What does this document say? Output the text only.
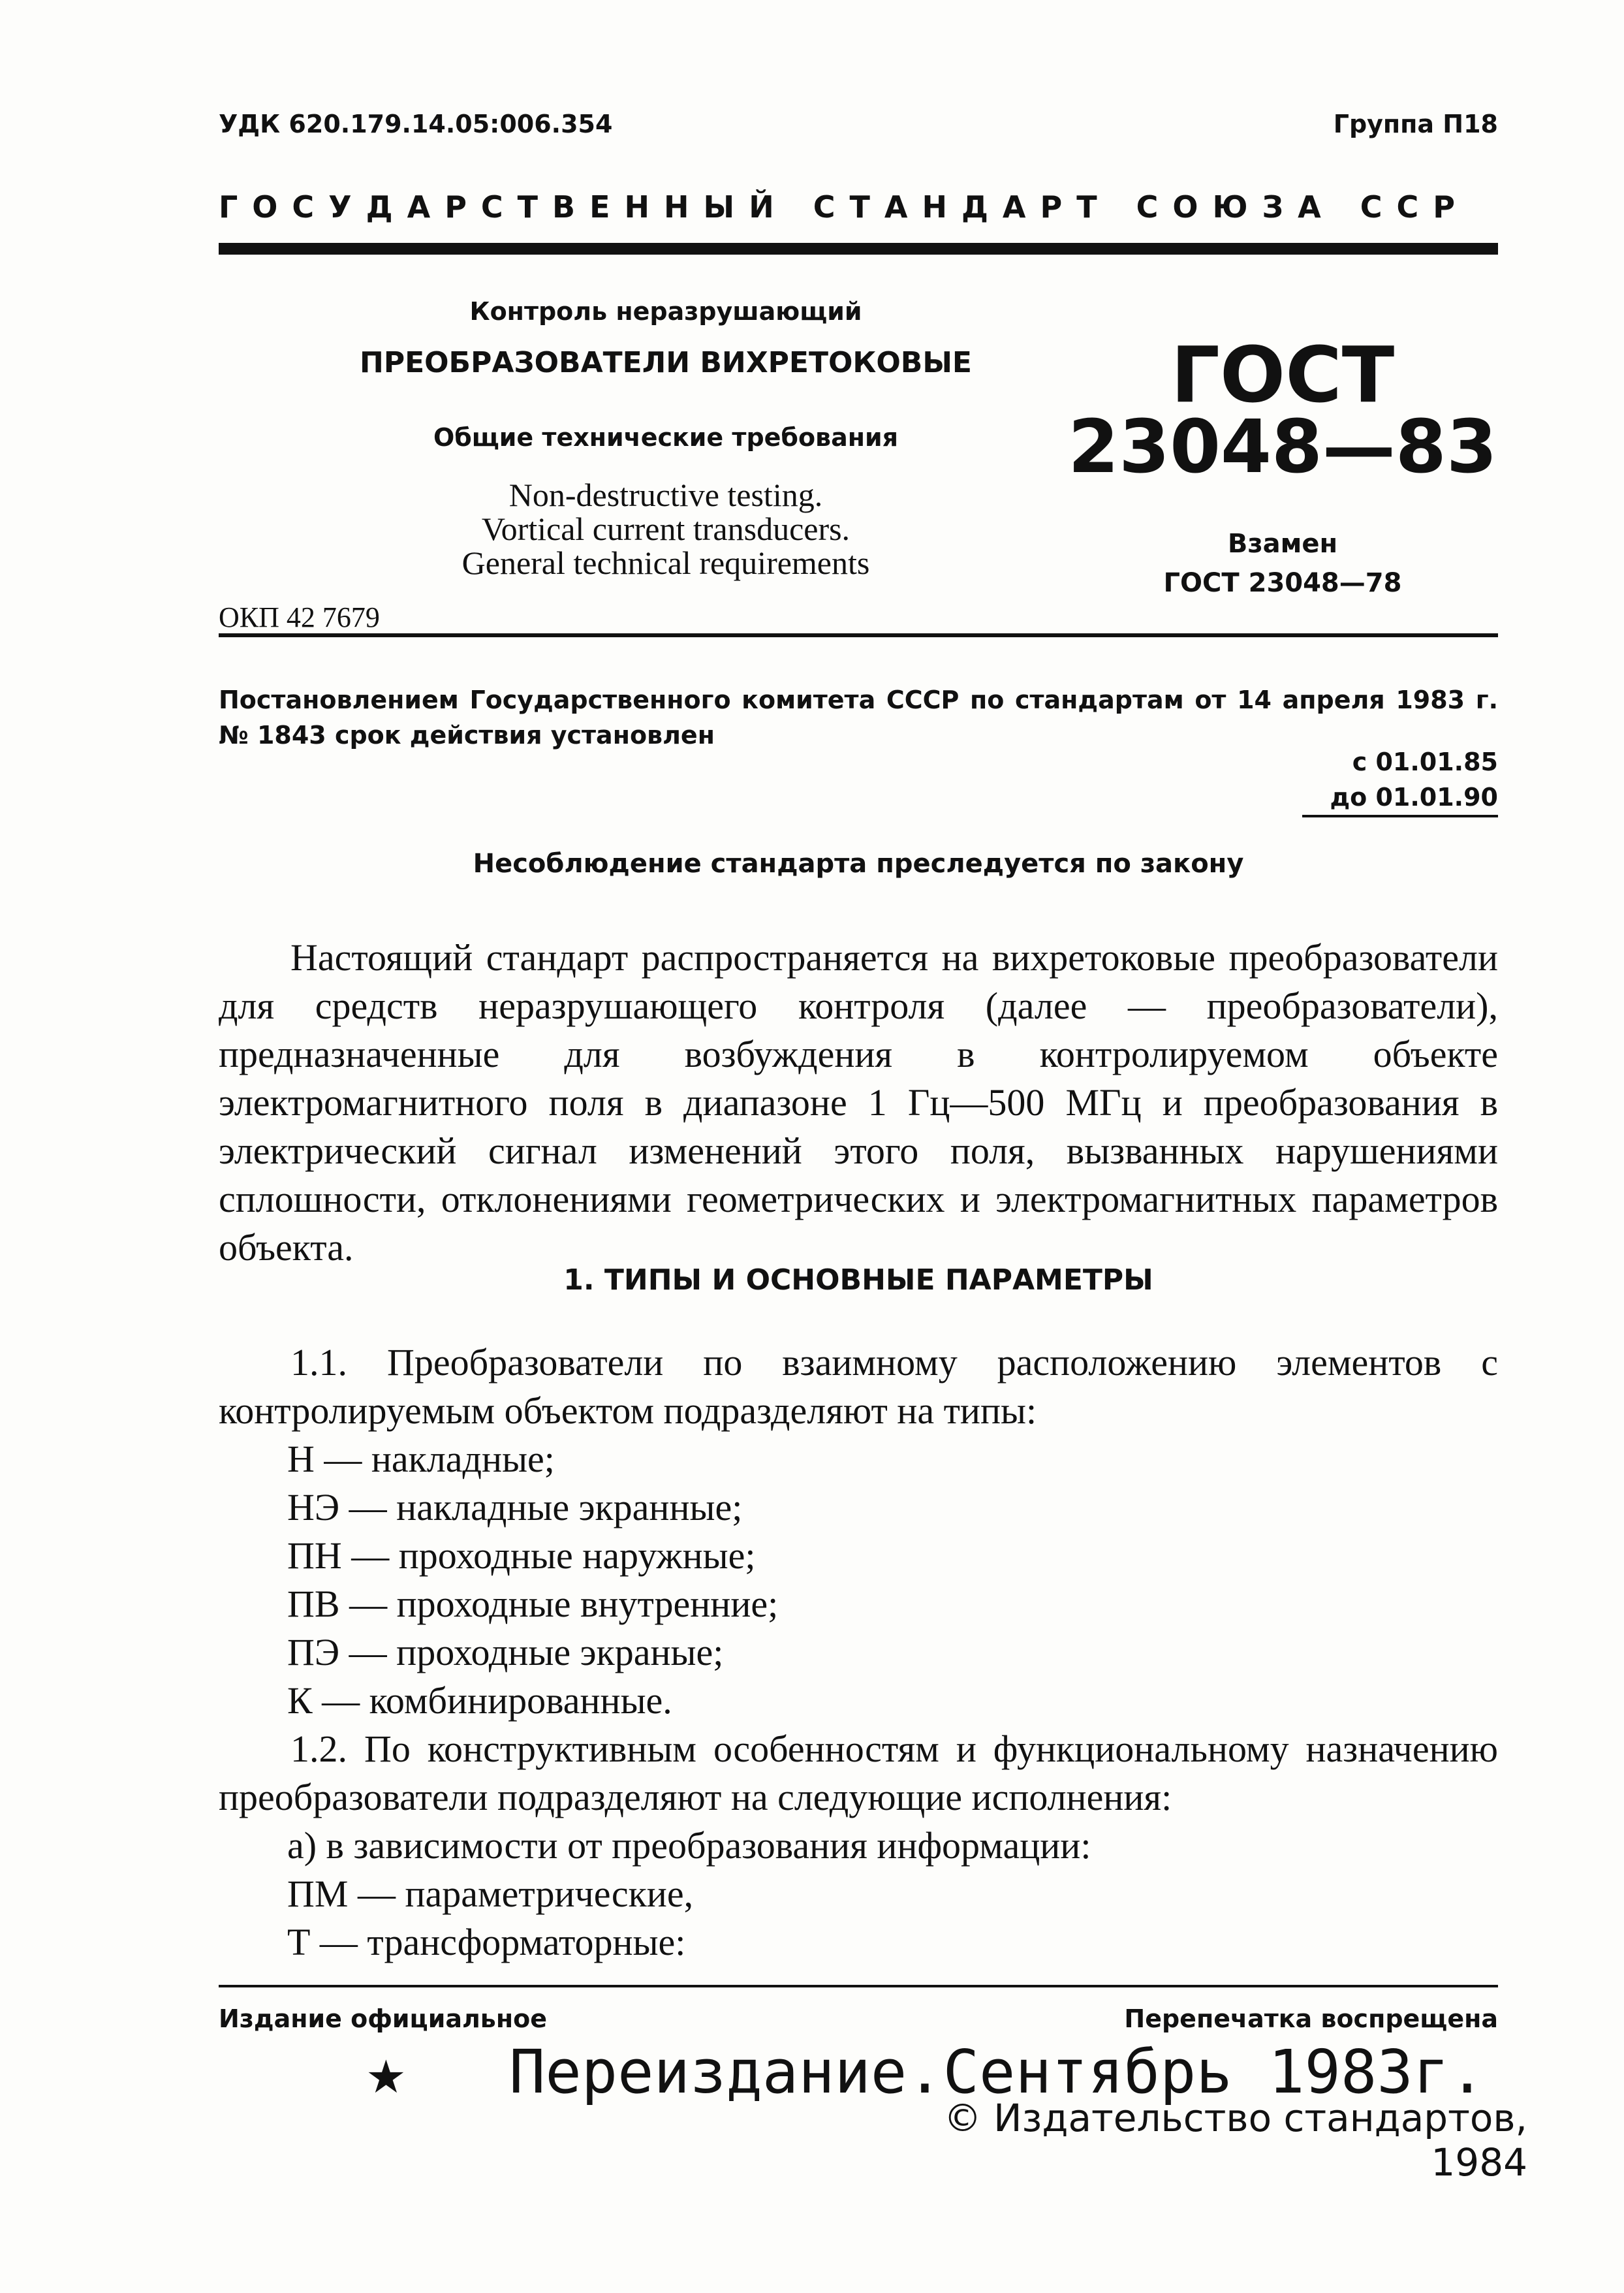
УДК 620.179.14.05:006.354	Группа П18
ГОСУДАРСТВЕННЫЙ СТАНДАРТ СОЮЗА ССР
Контроль неразрушающий
ПРЕОБРАЗОВАТЕЛИ ВИХРЕТОКОВЫЕ
Общие технические требования
Non-destructive testing.
Vortical current transducers.
General technical requirements
ОКП 42 7679
ГОСТ
23048—83
Взамен
ГОСТ 23048—78
Постановлением Государственного комитета СССР по стандартам от 14 апреля 1983 г. № 1843 срок действия установлен
с 01.01.85
до 01.01.90
Несоблюдение стандарта преследуется по закону
Настоящий стандарт распространяется на вихретоковые преобразователи для средств неразрушающего контроля (далее — преобразователи), предназначенные для возбуждения в контролируемом объекте электромагнитного поля в диапазоне 1 Гц—500 МГц и преобразования в электрический сигнал изменений этого поля, вызванных нарушениями сплошности, отклонениями геометрических и электромагнитных параметров объекта.
1. ТИПЫ И ОСНОВНЫЕ ПАРАМЕТРЫ
1.1. Преобразователи по взаимному расположению элементов с контролируемым объектом подразделяют на типы:
Н — накладные;
НЭ — накладные экранные;
ПН — проходные наружные;
ПВ — проходные внутренние;
ПЭ — проходные экраные;
К — комбинированные.
1.2. По конструктивным особенностям и функциональному назначению преобразователи подразделяют на следующие исполнения:
а) в зависимости от преобразования информации:
ПМ — параметрические,
Т — трансформаторные:
Издание официальное	Перепечатка воспрещена
★ Переиздание.Сентябрь 1983г.
© Издательство стандартов, 1984
